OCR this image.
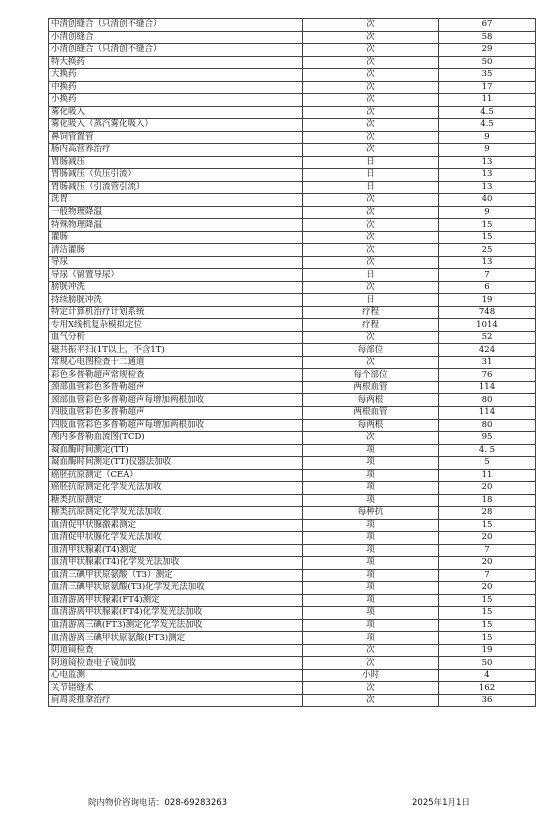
中清创缝合（只清创不缝合）	次	67
小清创缝合	次	58
小清创缝合（只清创不缝合）	次	29
特大换药	次	50
大换药	次	35
中换药	次	17
小换药	次	11
雾化吸入	次	4.5
雾化吸入（蒸汽雾化吸入）	次	4.5
鼻饲管置管	次	9
肠内高营养治疗	次	9
胃肠减压	日	13
胃肠减压（负压引流）	日	13
胃肠减压（引流管引流）	日	13
洗胃	次	40
一般物理降温	次	9
特殊物理降温	次	15
灌肠	次	15
清洁灌肠	次	25
导尿	次	13
导尿（留置导尿）	日	7
膀胱冲洗	次	6
持续膀胱冲洗	日	19
特定计算机治疗计划系统	疗程	748
专用X线机复杂模拟定位	疗程	1014
血气分析	次	52
磁共振平扫(1T以上，不含1T)	每部位	424
常规心电图检查十二通道	次	31
彩色多普勒超声常规检查	每个部位	76
颈部血管彩色多普勒超声	两根血管	114
颈部血管彩色多普勒超声每增加两根加收	每两根	80
四肢血管彩色多普勒超声	两根血管	114
四肢血管彩色多普勒超声每增加两根加收	每两根	80
颅内多普勒血流图(TCD)	次	95
凝血酶时间测定(TT)	项	4. 5
凝血酶时间测定(TT)仪器法加收	项	5
癌胚抗原测定（CEA）	项	11
癌胚抗原测定化学发光法加收	项	20
糖类抗原测定	项	18
糖类抗原测定化学发光法加收	每种抗	28
血清促甲状腺激素测定	项	15
血清促甲状腺化学发光法加收	项	20
血清甲状腺素(T4)测定	项	7
血清甲状腺素(T4)化学发光法加收	项	20
血清三碘甲状原氨酸（T3）测定	项	7
血清三碘甲状原氨酸(T3)化学发光法加收	项	20
血清游离甲状腺素(FT4)测定	项	15
血清游离甲状腺素(FT4)化学发光法加收	项	15
血清游离三碘(FT3)测定化学发光法加收	项	15
血清游离三碘甲状原氨酸(FT3)测定	项	15
阴道镜检查	次	19
阴道镜检查电子镜加收	次	50
心电监测	小时	4
关节错缝术	次	162
肩周炎推拿治疗	次	36
院内物价咨询电话：028-69283263	2025年1月1日
